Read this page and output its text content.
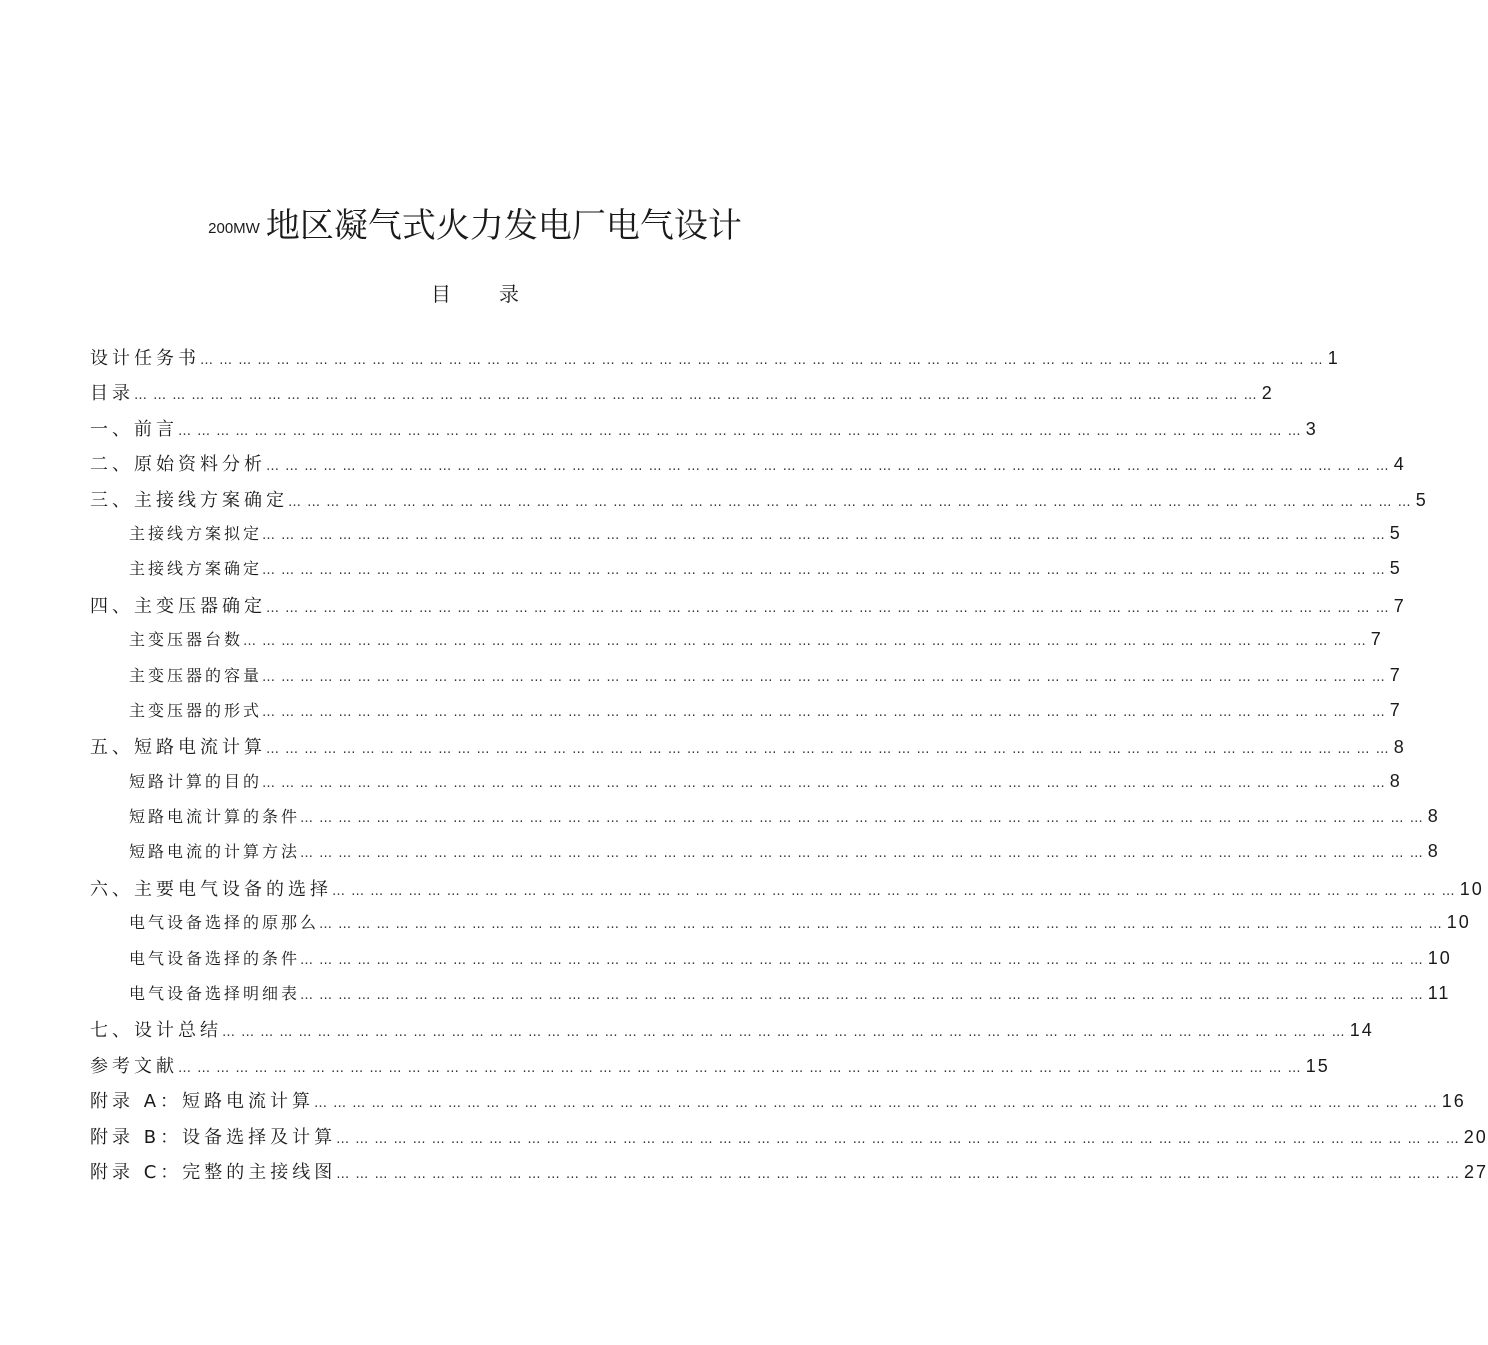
200MW 地区凝气式火力发电厂电气设计
目 录
设计任务书 … … … … … … … … … … … … … … … … … … … … … … … … … … … … … … … … … … … … … … … … … … … … … … … … … … … … … … … … … … …	1
目录 … … … … … … … … … … … … … … … … … … … … … … … … … … … … … … … … … … … … … … … … … … … … … … … … … … … … … … … … … … …	2
一、前言 … … … … … … … … … … … … … … … … … … … … … … … … … … … … … … … … … … … … … … … … … … … … … … … … … … … … … … … … … … …	3
二、原始资料分析 … … … … … … … … … … … … … … … … … … … … … … … … … … … … … … … … … … … … … … … … … … … … … … … … … … … … … … … … … … …	4
三、主接线方案确定 … … … … … … … … … … … … … … … … … … … … … … … … … … … … … … … … … … … … … … … … … … … … … … … … … … … … … … … … … … …	5
主接线方案拟定 … … … … … … … … … … … … … … … … … … … … … … … … … … … … … … … … … … … … … … … … … … … … … … … … … … … … … … … … … … …	5
主接线方案确定 … … … … … … … … … … … … … … … … … … … … … … … … … … … … … … … … … … … … … … … … … … … … … … … … … … … … … … … … … … …	5
四、主变压器确定 … … … … … … … … … … … … … … … … … … … … … … … … … … … … … … … … … … … … … … … … … … … … … … … … … … … … … … … … … … …	7
主变压器台数 … … … … … … … … … … … … … … … … … … … … … … … … … … … … … … … … … … … … … … … … … … … … … … … … … … … … … … … … … … …	7
主变压器的容量 … … … … … … … … … … … … … … … … … … … … … … … … … … … … … … … … … … … … … … … … … … … … … … … … … … … … … … … … … … …	7
主变压器的形式 … … … … … … … … … … … … … … … … … … … … … … … … … … … … … … … … … … … … … … … … … … … … … … … … … … … … … … … … … … …	7
五、短路电流计算 … … … … … … … … … … … … … … … … … … … … … … … … … … … … … … … … … … … … … … … … … … … … … … … … … … … … … … … … … … …	8
短路计算的目的 … … … … … … … … … … … … … … … … … … … … … … … … … … … … … … … … … … … … … … … … … … … … … … … … … … … … … … … … … … …	8
短路电流计算的条件 … … … … … … … … … … … … … … … … … … … … … … … … … … … … … … … … … … … … … … … … … … … … … … … … … … … … … … … … … … …	8
短路电流的计算方法 … … … … … … … … … … … … … … … … … … … … … … … … … … … … … … … … … … … … … … … … … … … … … … … … … … … … … … … … … … …	8
六、主要电气设备的选择 … … … … … … … … … … … … … … … … … … … … … … … … … … … … … … … … … … … … … … … … … … … … … … … … … … … … … … … … … … …	10
电气设备选择的原那么 … … … … … … … … … … … … … … … … … … … … … … … … … … … … … … … … … … … … … … … … … … … … … … … … … … … … … … … … … … …	10
电气设备选择的条件 … … … … … … … … … … … … … … … … … … … … … … … … … … … … … … … … … … … … … … … … … … … … … … … … … … … … … … … … … … …	10
电气设备选择明细表 … … … … … … … … … … … … … … … … … … … … … … … … … … … … … … … … … … … … … … … … … … … … … … … … … … … … … … … … … … …	11
七、设计总结 … … … … … … … … … … … … … … … … … … … … … … … … … … … … … … … … … … … … … … … … … … … … … … … … … … … … … … … … … … …	14
参考文献 … … … … … … … … … … … … … … … … … … … … … … … … … … … … … … … … … … … … … … … … … … … … … … … … … … … … … … … … … … …	15
附录 A：短路电流计算 … … … … … … … … … … … … … … … … … … … … … … … … … … … … … … … … … … … … … … … … … … … … … … … … … … … … … … … … … … …	16
附录 B：设备选择及计算 … … … … … … … … … … … … … … … … … … … … … … … … … … … … … … … … … … … … … … … … … … … … … … … … … … … … … … … … … … …	20
附录 C：完整的主接线图 … … … … … … … … … … … … … … … … … … … … … … … … … … … … … … … … … … … … … … … … … … … … … … … … … … … … … … … … … … …	27
